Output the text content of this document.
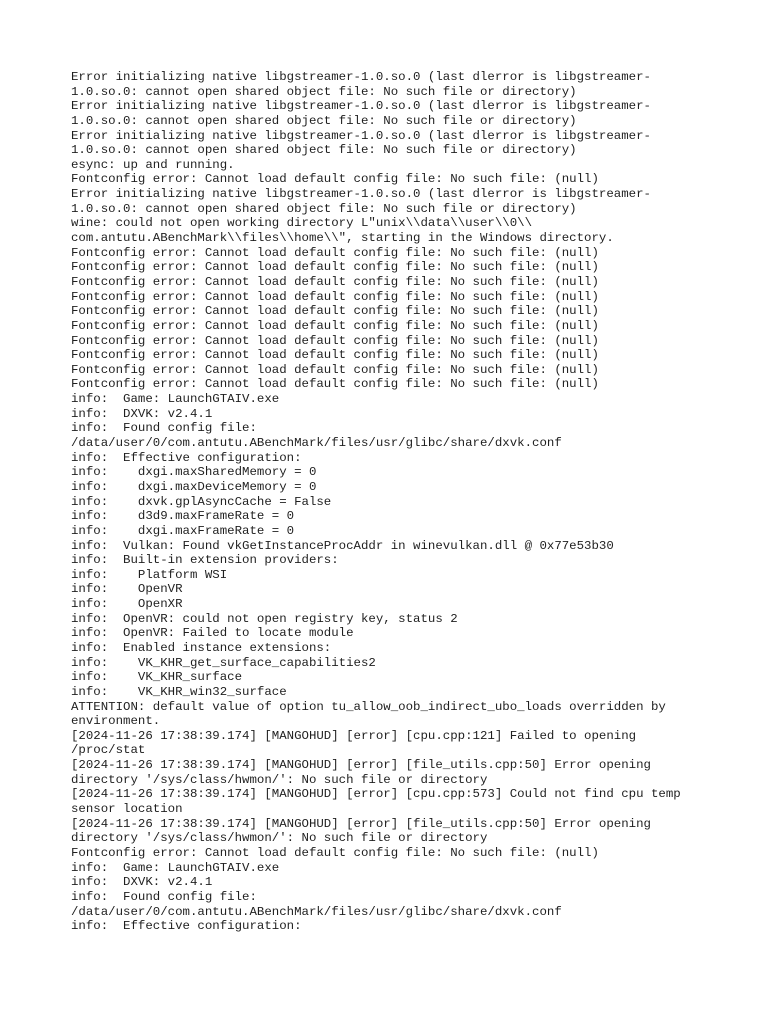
Error initializing native libgstreamer-1.0.so.0 (last dlerror is libgstreamer-
1.0.so.0: cannot open shared object file: No such file or directory)
Error initializing native libgstreamer-1.0.so.0 (last dlerror is libgstreamer-
1.0.so.0: cannot open shared object file: No such file or directory)
Error initializing native libgstreamer-1.0.so.0 (last dlerror is libgstreamer-
1.0.so.0: cannot open shared object file: No such file or directory)
esync: up and running.
Fontconfig error: Cannot load default config file: No such file: (null)
Error initializing native libgstreamer-1.0.so.0 (last dlerror is libgstreamer-
1.0.so.0: cannot open shared object file: No such file or directory)
wine: could not open working directory L"unix\\data\\user\\0\\
com.antutu.ABenchMark\\files\\home\\", starting in the Windows directory.
Fontconfig error: Cannot load default config file: No such file: (null)
Fontconfig error: Cannot load default config file: No such file: (null)
Fontconfig error: Cannot load default config file: No such file: (null)
Fontconfig error: Cannot load default config file: No such file: (null)
Fontconfig error: Cannot load default config file: No such file: (null)
Fontconfig error: Cannot load default config file: No such file: (null)
Fontconfig error: Cannot load default config file: No such file: (null)
Fontconfig error: Cannot load default config file: No such file: (null)
Fontconfig error: Cannot load default config file: No such file: (null)
Fontconfig error: Cannot load default config file: No such file: (null)
info:  Game: LaunchGTAIV.exe
info:  DXVK: v2.4.1
info:  Found config file:
/data/user/0/com.antutu.ABenchMark/files/usr/glibc/share/dxvk.conf
info:  Effective configuration:
info:    dxgi.maxSharedMemory = 0
info:    dxgi.maxDeviceMemory = 0
info:    dxvk.gplAsyncCache = False
info:    d3d9.maxFrameRate = 0
info:    dxgi.maxFrameRate = 0
info:  Vulkan: Found vkGetInstanceProcAddr in winevulkan.dll @ 0x77e53b30
info:  Built-in extension providers:
info:    Platform WSI
info:    OpenVR
info:    OpenXR
info:  OpenVR: could not open registry key, status 2
info:  OpenVR: Failed to locate module
info:  Enabled instance extensions:
info:    VK_KHR_get_surface_capabilities2
info:    VK_KHR_surface
info:    VK_KHR_win32_surface
ATTENTION: default value of option tu_allow_oob_indirect_ubo_loads overridden by
environment.
[2024-11-26 17:38:39.174] [MANGOHUD] [error] [cpu.cpp:121] Failed to opening
/proc/stat
[2024-11-26 17:38:39.174] [MANGOHUD] [error] [file_utils.cpp:50] Error opening
directory '/sys/class/hwmon/': No such file or directory
[2024-11-26 17:38:39.174] [MANGOHUD] [error] [cpu.cpp:573] Could not find cpu temp
sensor location
[2024-11-26 17:38:39.174] [MANGOHUD] [error] [file_utils.cpp:50] Error opening
directory '/sys/class/hwmon/': No such file or directory
Fontconfig error: Cannot load default config file: No such file: (null)
info:  Game: LaunchGTAIV.exe
info:  DXVK: v2.4.1
info:  Found config file:
/data/user/0/com.antutu.ABenchMark/files/usr/glibc/share/dxvk.conf
info:  Effective configuration:
